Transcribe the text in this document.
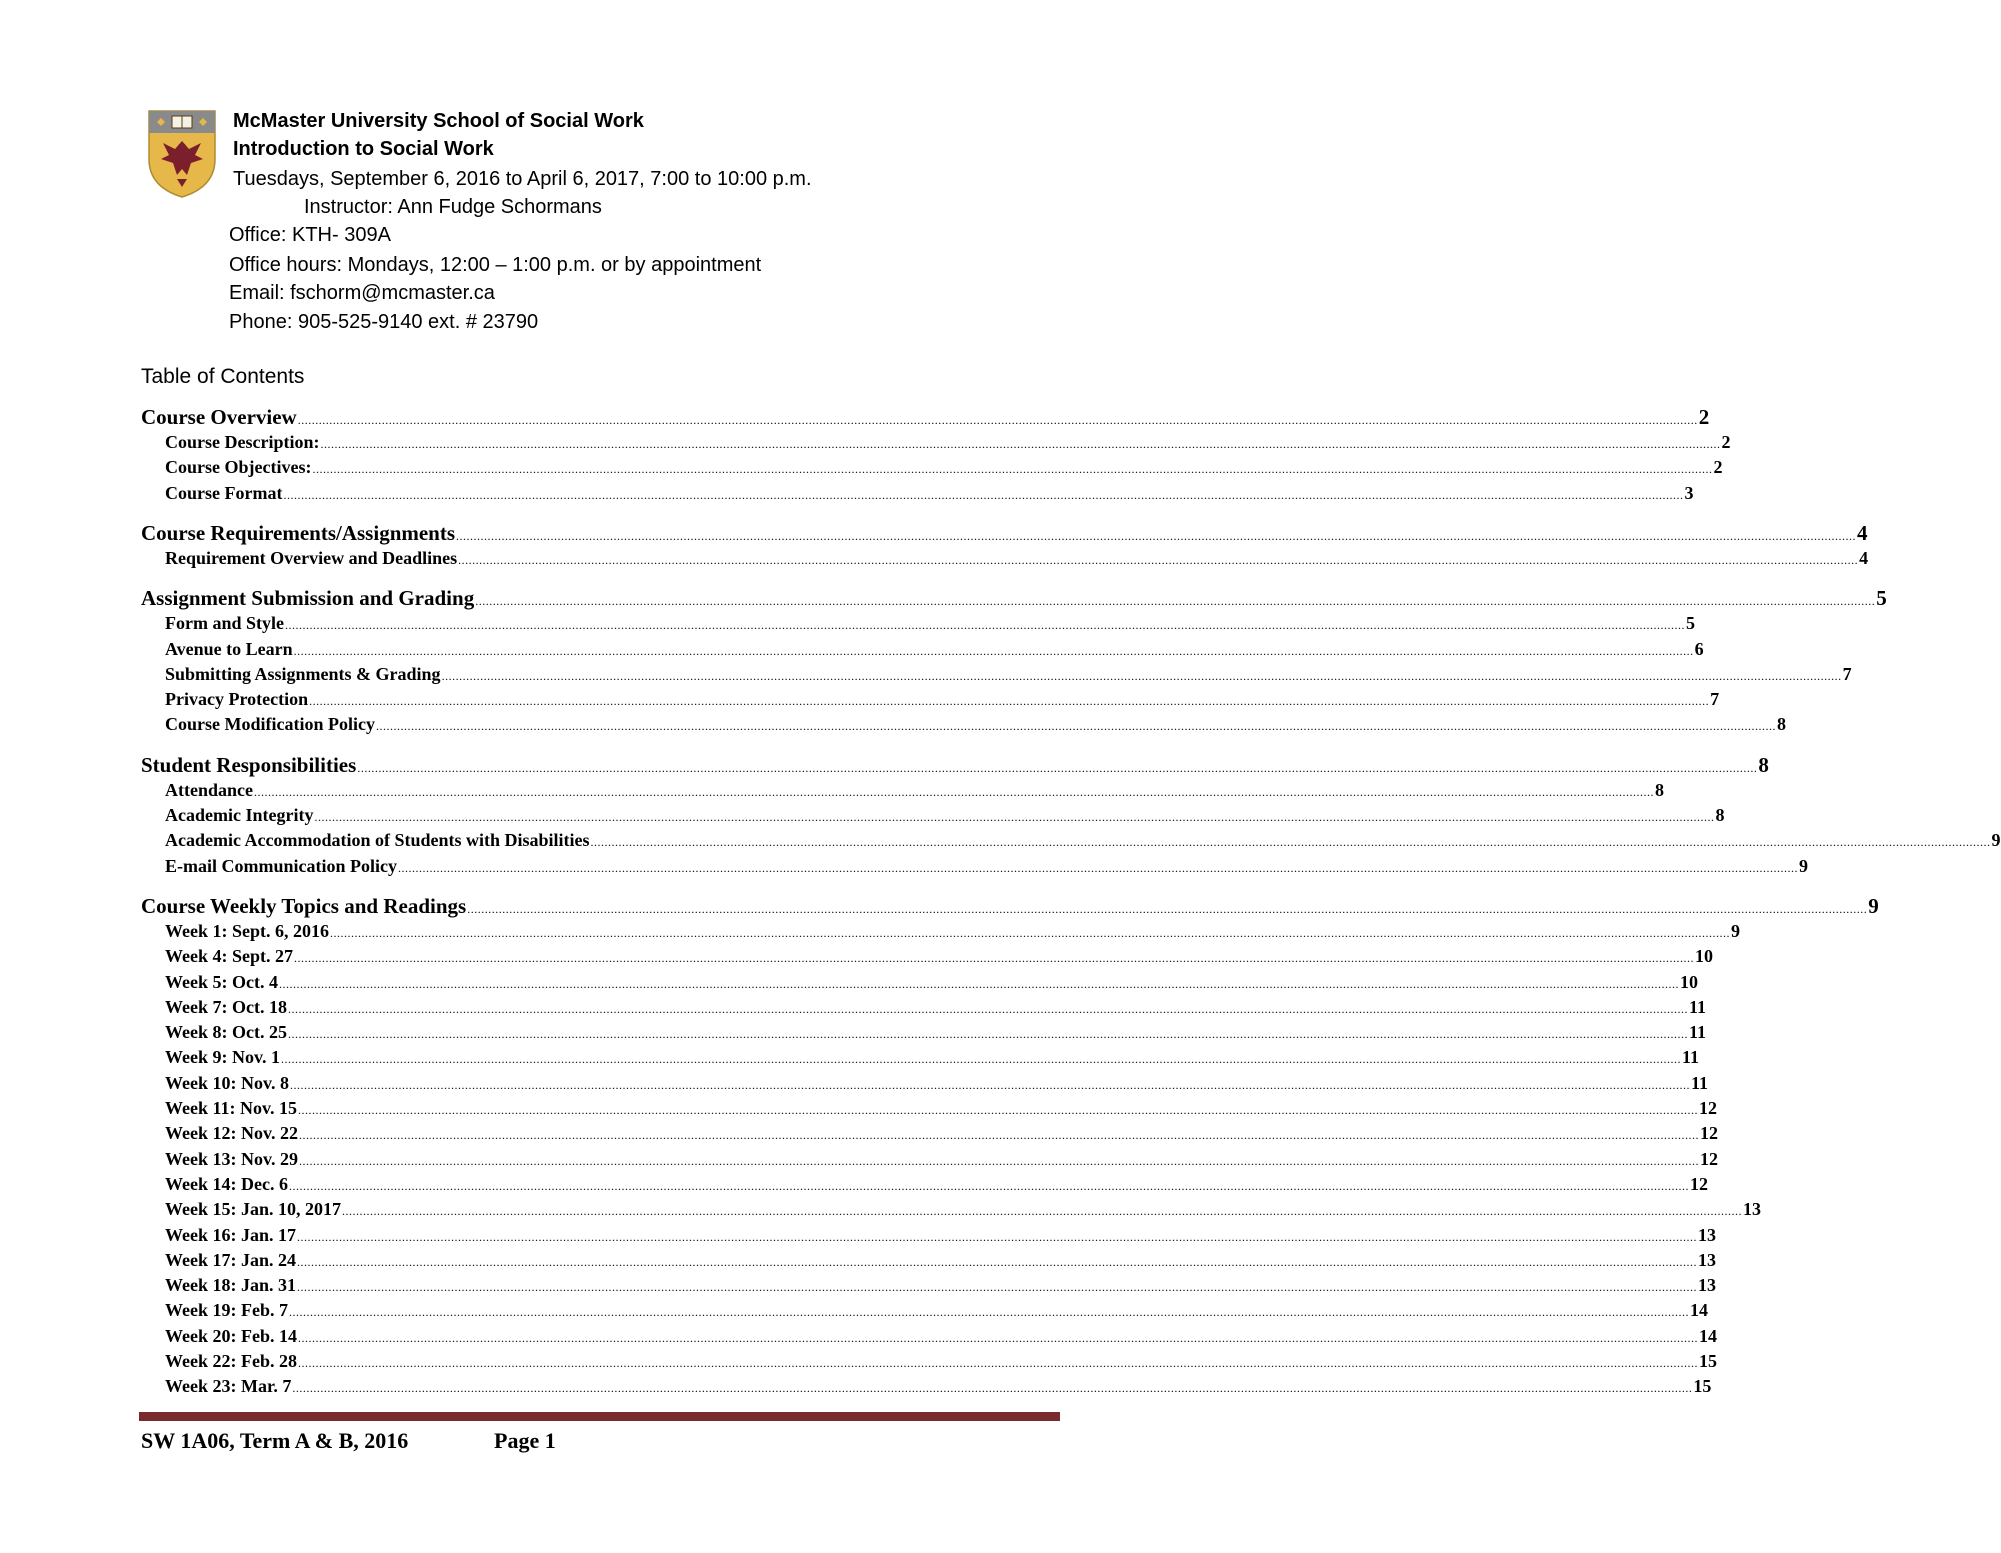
McMaster University School of Social Work
Introduction to Social Work
Tuesdays, September 6, 2016 to April 6, 2017, 7:00 to 10:00 p.m.
Instructor: Ann Fudge Schormans
Office: KTH- 309A
Office hours: Mondays, 12:00 – 1:00 p.m. or by appointment
Email: fschorm@mcmaster.ca
Phone: 905-525-9140 ext. # 23790
Table of Contents
Course Overview ................................................................................................................................................................................................................................................................................................................................................................................................................ 2
Course Description: ................................................................................................................................................................................................................................................................................................................................................................................................................ 2
Course Objectives: ................................................................................................................................................................................................................................................................................................................................................................................................................ 2
Course Format ................................................................................................................................................................................................................................................................................................................................................................................................................ 3
Course Requirements/Assignments ................................................................................................................................................................................................................................................................................................................................................................................................................ 4
Requirement Overview and Deadlines ................................................................................................................................................................................................................................................................................................................................................................................................................ 4
Assignment Submission and Grading ................................................................................................................................................................................................................................................................................................................................................................................................................ 5
Form and Style ................................................................................................................................................................................................................................................................................................................................................................................................................ 5
Avenue to Learn ................................................................................................................................................................................................................................................................................................................................................................................................................ 6
Submitting Assignments & Grading ................................................................................................................................................................................................................................................................................................................................................................................................................ 7
Privacy Protection ................................................................................................................................................................................................................................................................................................................................................................................................................ 7
Course Modification Policy ................................................................................................................................................................................................................................................................................................................................................................................................................ 8
Student Responsibilities ................................................................................................................................................................................................................................................................................................................................................................................................................ 8
Attendance ................................................................................................................................................................................................................................................................................................................................................................................................................ 8
Academic Integrity ................................................................................................................................................................................................................................................................................................................................................................................................................ 8
Academic Accommodation of Students with Disabilities ................................................................................................................................................................................................................................................................................................................................................................................................................ 9
E-mail Communication Policy ................................................................................................................................................................................................................................................................................................................................................................................................................ 9
Course Weekly Topics and Readings ................................................................................................................................................................................................................................................................................................................................................................................................................ 9
Week 1: Sept. 6, 2016 ................................................................................................................................................................................................................................................................................................................................................................................................................ 9
Week 4: Sept. 27 ................................................................................................................................................................................................................................................................................................................................................................................................................ 10
Week 5: Oct. 4 ................................................................................................................................................................................................................................................................................................................................................................................................................ 10
Week 7: Oct. 18 ................................................................................................................................................................................................................................................................................................................................................................................................................ 11
Week 8: Oct. 25 ................................................................................................................................................................................................................................................................................................................................................................................................................ 11
Week 9: Nov. 1 ................................................................................................................................................................................................................................................................................................................................................................................................................ 11
Week 10: Nov. 8 ................................................................................................................................................................................................................................................................................................................................................................................................................ 11
Week 11: Nov. 15 ................................................................................................................................................................................................................................................................................................................................................................................................................ 12
Week 12: Nov. 22 ................................................................................................................................................................................................................................................................................................................................................................................................................ 12
Week 13: Nov. 29 ................................................................................................................................................................................................................................................................................................................................................................................................................ 12
Week 14: Dec. 6 ................................................................................................................................................................................................................................................................................................................................................................................................................ 12
Week 15: Jan. 10, 2017 ................................................................................................................................................................................................................................................................................................................................................................................................................ 13
Week 16: Jan. 17 ................................................................................................................................................................................................................................................................................................................................................................................................................ 13
Week 17: Jan. 24 ................................................................................................................................................................................................................................................................................................................................................................................................................ 13
Week 18: Jan. 31 ................................................................................................................................................................................................................................................................................................................................................................................................................ 13
Week 19: Feb. 7 ................................................................................................................................................................................................................................................................................................................................................................................................................ 14
Week 20: Feb. 14 ................................................................................................................................................................................................................................................................................................................................................................................................................ 14
Week 22: Feb. 28 ................................................................................................................................................................................................................................................................................................................................................................................................................ 15
Week 23: Mar. 7 ................................................................................................................................................................................................................................................................................................................................................................................................................ 15
SW 1A06, Term A & B, 2016	Page 1
